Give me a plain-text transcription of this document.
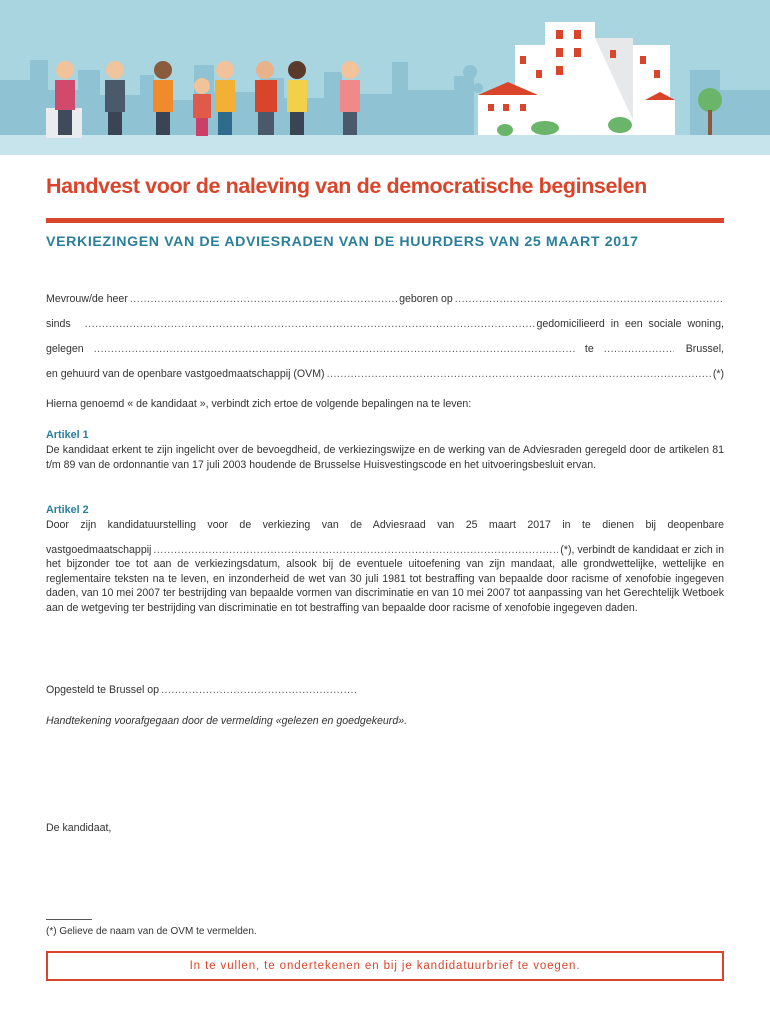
Handvest voor de naleving van de democratische beginselen
VERKIEZINGEN VAN DE ADVIESRADEN VAN DE HUURDERS VAN 25 MAART 2017
Mevrouw/de heer .....	geboren op
.....
sinds .....	gedomicilieerd in een sociale woning,
gelegen .....	te .....	Brussel,
en gehuurd van de openbare vastgoedmaatschappij (OVM) .....	(*)
Hierna genoemd « de kandidaat », verbindt zich ertoe de volgende bepalingen na te leven:
Artikel 1
De kandidaat erkent te zijn ingelicht over de bevoegdheid, de verkiezingswijze en de werking van de Adviesraden geregeld door de artikelen 81 t/m 89 van de ordonnantie van 17 juli 2003 houdende de Brusselse Huisvestingscode en het uitvoeringsbesluit ervan.
Artikel 2
Door zijn kandidatuurstelling voor de verkiezing van de Adviesraad van 25 maart 2017 in te dienen bij deopenbare
vastgoedmaatschappij .....	(*), verbindt de kandidaat er zich in
het bijzonder toe tot aan de verkiezingsdatum, alsook bij de eventuele uitoefening van zijn mandaat, alle grondwettelijke, wettelijke en reglementaire teksten na te leven, en inzonderheid de wet van 30 juli 1981 tot bestraffing van bepaalde door racisme of xenofobie ingegeven daden, van 10 mei 2007 ter bestrijding van bepaalde vormen van discriminatie en van 10 mei 2007 tot aanpassing van het Gerechtelijk Wetboek aan de wetgeving ter bestrijding van discriminatie en tot bestraffing van bepaalde door racisme of xenofobie ingegeven daden.
Opgesteld te Brussel op
.....
Handtekening voorafgegaan door de vermelding «gelezen en goedgekeurd».
De kandidaat,
(*) Gelieve de naam van de OVM te vermelden.
In te vullen, te ondertekenen en bij je kandidatuurbrief te voegen.
